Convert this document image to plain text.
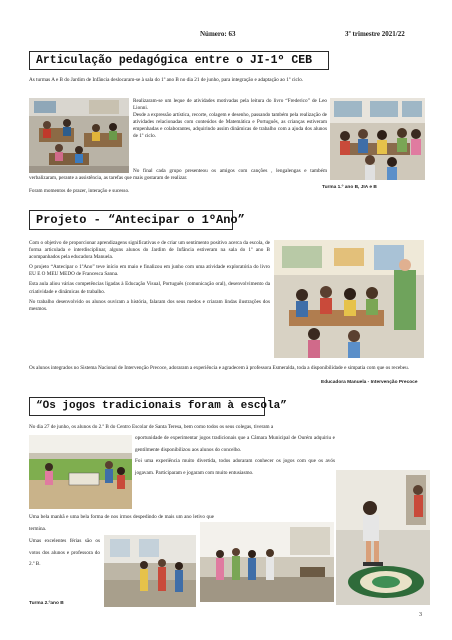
Número: 63	3º trimestre 2021/22
Articulação pedagógica entre o JI-1º CEB
As turmas A e B do Jardim de Infância deslocaram-se à sala do 1º ano B no dia 21 de junho, para integração e adaptação ao 1º ciclo.

Realizaram-se um leque de atividades motivadas pela leitura do livro “Frederico” de Leo Lionni.

Desde a expressão artística, recorte, colagem e desenho, passando também pela realização de atividades relacionadas com conteúdos de Matemática e Português, as crianças estiveram empenhadas e colaborantes, adquirindo assim dinâmicas de trabalho com a ajuda dos alunos de 1º ciclo.

No final cada grupo presenteou os amigos com canções , lengalengas e também verbalizaram, perante a assistência, as tarefas que mais gostaram de realizar.
Foram momentos de prazer, interação e sucesso.
Turma 1.º ano B, JIA e B
Projeto - “Antecipar o 1ºAno”

Com o objetivo de proporcionar aprendizagens significativas e de criar um sentimento positivo acerca da escola, de forma articulada e interdisciplinar, alguns alunos do Jardim de Infância estiveram na sala do 1º ano B acompanhados pela educadora Manuela.

O projeto “Antecipar o 1ºAno” teve início em maio e finalizou em junho com uma atividade exploratória do livro EU E O MEU MEDO de Francesca Sanna.

Esta aula aliou várias competências ligadas à Educação Visual, Português (comunicação oral), desenvolvimento da criatividade e dinâmicas de trabalho.

No trabalho desenvolvido os alunos ouviram a história, falaram dos seus medos e criaram lindas ilustrações dos mesmos.

Os alunos integrados no Sistema Nacional de Intervenção Precoce, adoraram a experiência e agradecem à professora Esmeralda, toda a disponibilidade e simpatia com que os recebeu.
Educadora Manuela - Intervenção Precoce
“Os jogos tradicionais foram à escola”
No dia 27 de junho, os alunos do 2.º B do Centro Escolar de Santa Teresa, bem como todos os seus colegas, tiveram a

oportunidade de experimentar jogos tradicionais que a Câmara Municipal de Ourém adquiriu e gentilmente disponibilizou aos alunos do concelho.

Foi uma experiência muito divertida, todos adoraram conhecer os jogos com que os avós jogavam. Participaram e jogaram com muito entusiasmo.

Uma bela manhã e uma bela forma de nos irmos despedindo de mais um ano letivo que termina.

Umas excelentes férias são os votos dos alunos e professora do 2.º B.
Turma 2.ºano B
3
